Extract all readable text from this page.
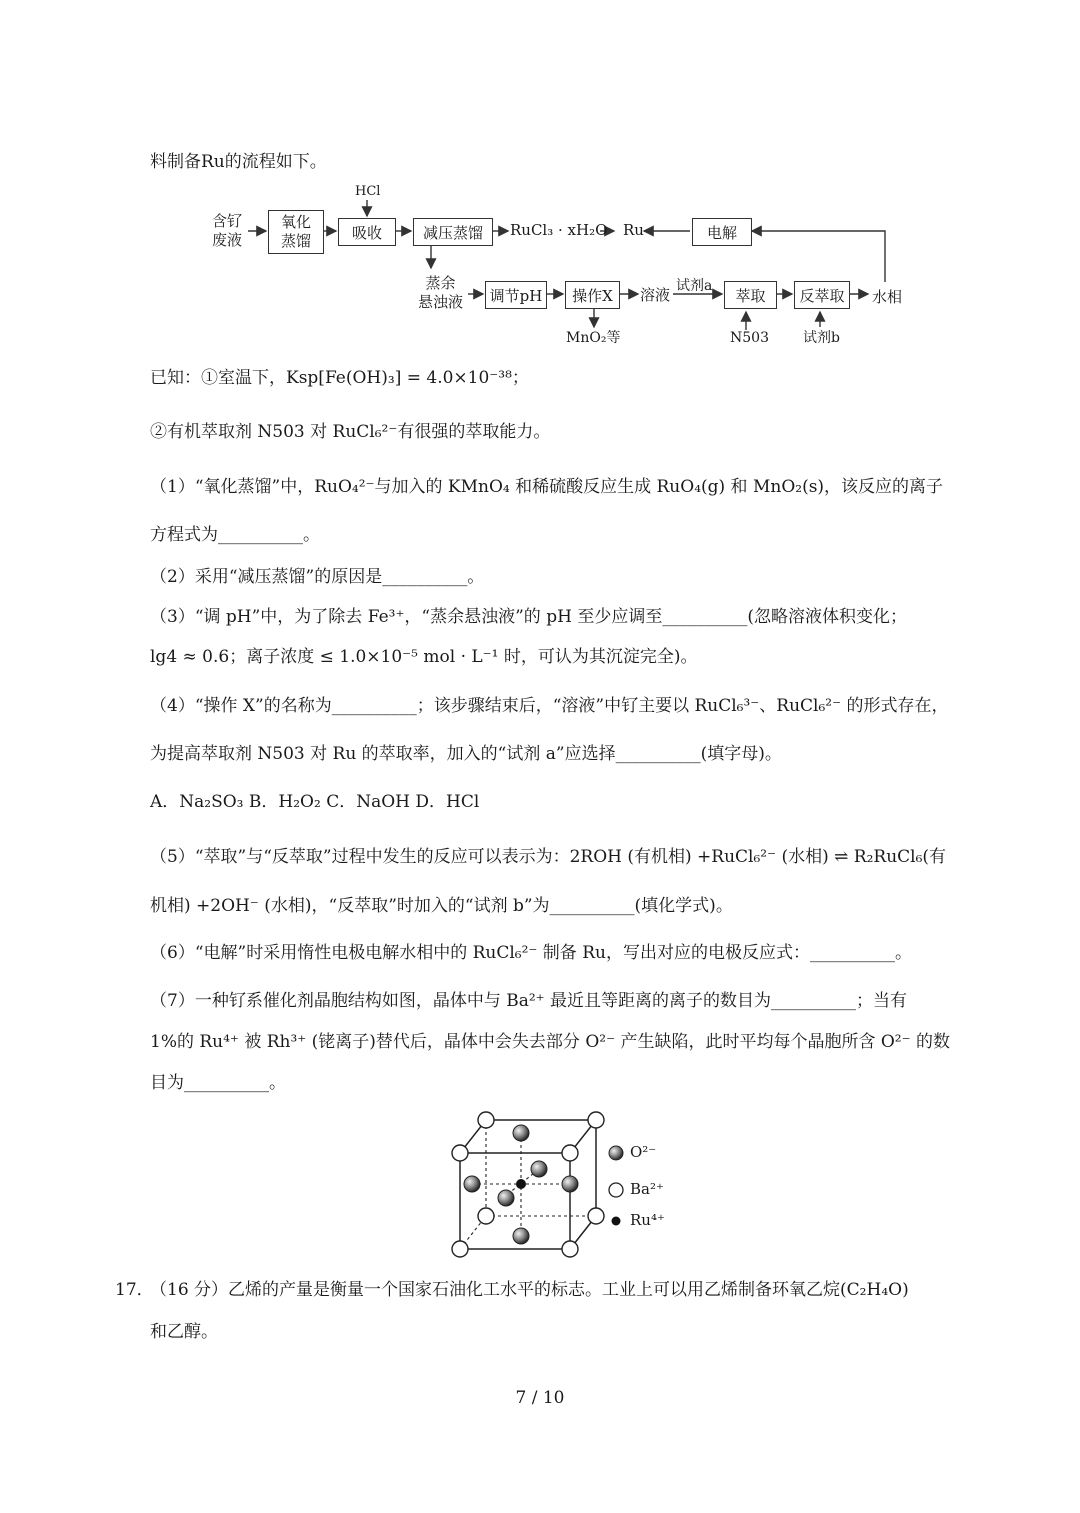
料制备Ru的流程如下。
含钌
废液
HCl
氧化
蒸馏	吸收	减压蒸馏	RuCl₃ · xH₂O Ru	电解
蒸余
悬浊液	调节pH	操作X	溶液 试剂a
萃取	反萃取	水相
MnO₂等	N503 试剂b
已知：①室温下，Ksp[Fe(OH)₃] = 4.0×10⁻³⁸；
②有机萃取剂 N503 对 RuCl₆²⁻有很强的萃取能力。
（1）“氧化蒸馏”中，RuO₄²⁻与加入的 KMnO₄ 和稀硫酸反应生成 RuO₄(g) 和 MnO₂(s)，该反应的离子
方程式为__________。
（2）采用“减压蒸馏”的原因是__________。
（3）“调 pH”中，为了除去 Fe³⁺，“蒸余悬浊液”的 pH 至少应调至__________(忽略溶液体积变化；
lg4 ≈ 0.6；离子浓度 ≤ 1.0×10⁻⁵ mol · L⁻¹ 时，可认为其沉淀完全)。
（4）“操作 X”的名称为__________；该步骤结束后，“溶液”中钌主要以 RuCl₆³⁻、RuCl₆²⁻ 的形式存在，
为提高萃取剂 N503 对 Ru 的萃取率，加入的“试剂 a”应选择__________(填字母)。
A．Na₂SO₃ B．H₂O₂ C．NaOH D．HCl
（5）“萃取”与“反萃取”过程中发生的反应可以表示为：2ROH (有机相) +RuCl₆²⁻ (水相) ⇌ R₂RuCl₆(有
机相) +2OH⁻ (水相)，“反萃取”时加入的“试剂 b”为__________(填化学式)。
（6）“电解”时采用惰性电极电解水相中的 RuCl₆²⁻ 制备 Ru，写出对应的电极反应式：__________。
（7）一种钌系催化剂晶胞结构如图，晶体中与 Ba²⁺ 最近且等距离的离子的数目为__________；当有
1%的 Ru⁴⁺ 被 Rh³⁺ (铑离子)替代后，晶体中会失去部分 O²⁻ 产生缺陷，此时平均每个晶胞所含 O²⁻ 的数
目为__________。
O²⁻
Ba²⁺
Ru⁴⁺
17．
（16 分）乙烯的产量是衡量一个国家石油化工水平的标志。工业上可以用乙烯制备环氧乙烷(C₂H₄O)
和乙醇。
7 / 10
